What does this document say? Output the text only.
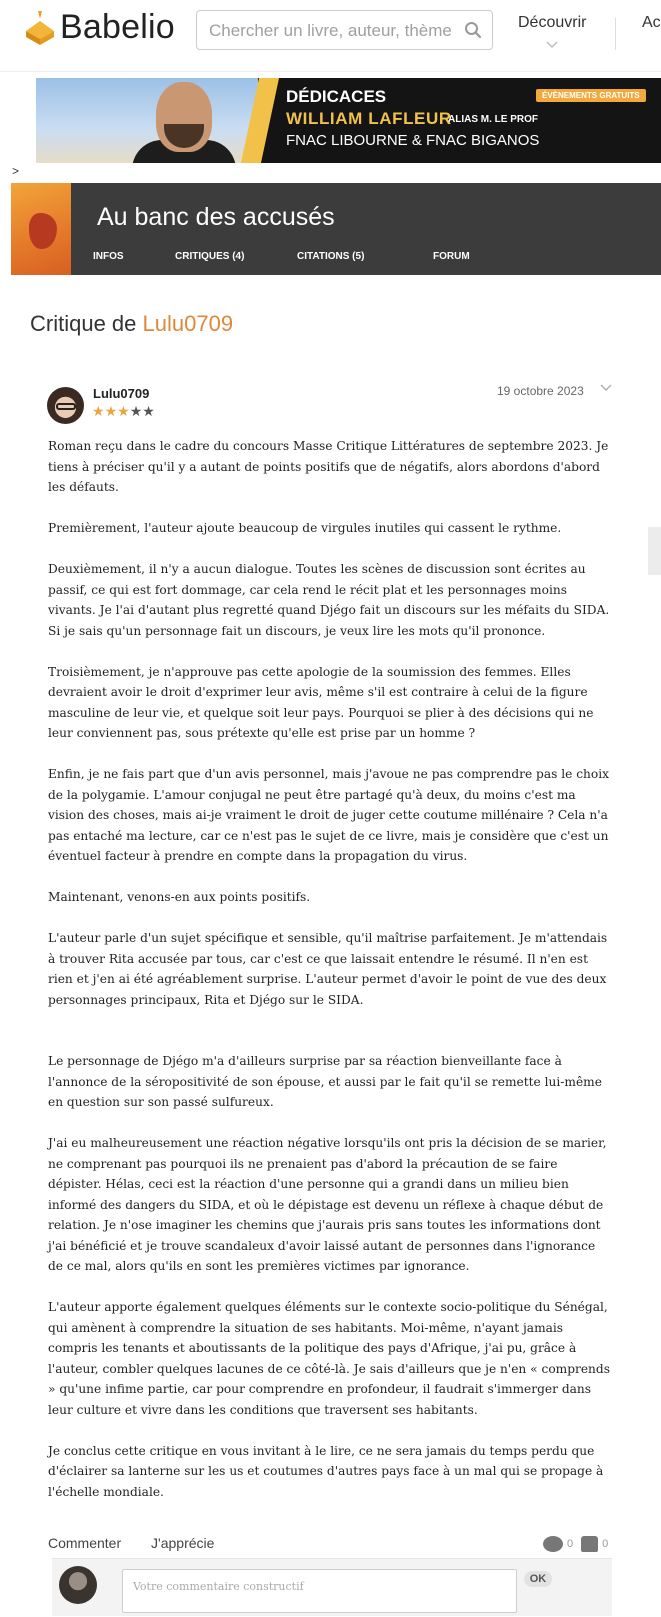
Babelio
Chercher un livre, auteur, thème	Découvrir	Ac
ÉVÈNEMENTS GRATUITS
DÉDICACES
WILLIAM LAFLEUR
ALIAS M. LE PROF
FNAC LIBOURNE & FNAC BIGANOS
>
Au banc des accusés
INFOS	CRITIQUES (4)	CITATIONS (5)	FORUM
Critique de Lulu0709
Lulu0709
★★★★★
19 octobre 2023

Roman reçu dans le cadre du concours Masse Critique Littératures de septembre 2023. Je tiens à préciser qu'il y a autant de points positifs que de négatifs, alors abordons d'abord les défauts.

Premièrement, l'auteur ajoute beaucoup de virgules inutiles qui cassent le rythme.

Deuxièmement, il n'y a aucun dialogue. Toutes les scènes de discussion sont écrites au passif, ce qui est fort dommage, car cela rend le récit plat et les personnages moins vivants. Je l'ai d'autant plus regretté quand Djégo fait un discours sur les méfaits du SIDA. Si je sais qu'un personnage fait un discours, je veux lire les mots qu'il prononce.

Troisièmement, je n'approuve pas cette apologie de la soumission des femmes. Elles devraient avoir le droit d'exprimer leur avis, même s'il est contraire à celui de la figure masculine de leur vie, et quelque soit leur pays. Pourquoi se plier à des décisions qui ne leur conviennent pas, sous prétexte qu'elle est prise par un homme ?

Enfin, je ne fais part que d'un avis personnel, mais j'avoue ne pas comprendre pas le choix de la polygamie. L'amour conjugal ne peut être partagé qu'à deux, du moins c'est ma vision des choses, mais ai-je vraiment le droit de juger cette coutume millénaire ? Cela n'a pas entaché ma lecture, car ce n'est pas le sujet de ce livre, mais je considère que c'est un éventuel facteur à prendre en compte dans la propagation du virus.

Maintenant, venons-en aux points positifs.

L'auteur parle d'un sujet spécifique et sensible, qu'il maîtrise parfaitement. Je m'attendais à trouver Rita accusée par tous, car c'est ce que laissait entendre le résumé. Il n'en est rien et j'en ai été agréablement surprise. L'auteur permet d'avoir le point de vue des deux personnages principaux, Rita et Djégo sur le SIDA.

Le personnage de Djégo m'a d'ailleurs surprise par sa réaction bienveillante face à l'annonce de la séropositivité de son épouse, et aussi par le fait qu'il se remette lui-même en question sur son passé sulfureux.

J'ai eu malheureusement une réaction négative lorsqu'ils ont pris la décision de se marier, ne comprenant pas pourquoi ils ne prenaient pas d'abord la précaution de se faire dépister. Hélas, ceci est la réaction d'une personne qui a grandi dans un milieu bien informé des dangers du SIDA, et où le dépistage est devenu un réflexe à chaque début de relation. Je n'ose imaginer les chemins que j'aurais pris sans toutes les informations dont j'ai bénéficié et je trouve scandaleux d'avoir laissé autant de personnes dans l'ignorance de ce mal, alors qu'ils en sont les premières victimes par ignorance.

L'auteur apporte également quelques éléments sur le contexte socio-politique du Sénégal, qui amènent à comprendre la situation de ses habitants. Moi-même, n'ayant jamais compris les tenants et aboutissants de la politique des pays d'Afrique, j'ai pu, grâce à l'auteur, combler quelques lacunes de ce côté-là. Je sais d'ailleurs que je n'en « comprends » qu'une infime partie, car pour comprendre en profondeur, il faudrait s'immerger dans leur culture et vivre dans les conditions que traversent ses habitants.

Je conclus cette critique en vous invitant à le lire, ce ne sera jamais du temps perdu que d'éclairer sa lanterne sur les us et coutumes d'autres pays face à un mal qui se propage à l'échelle mondiale.

Commenter J'apprécie	0	0
Votre commentaire constructif
OK
